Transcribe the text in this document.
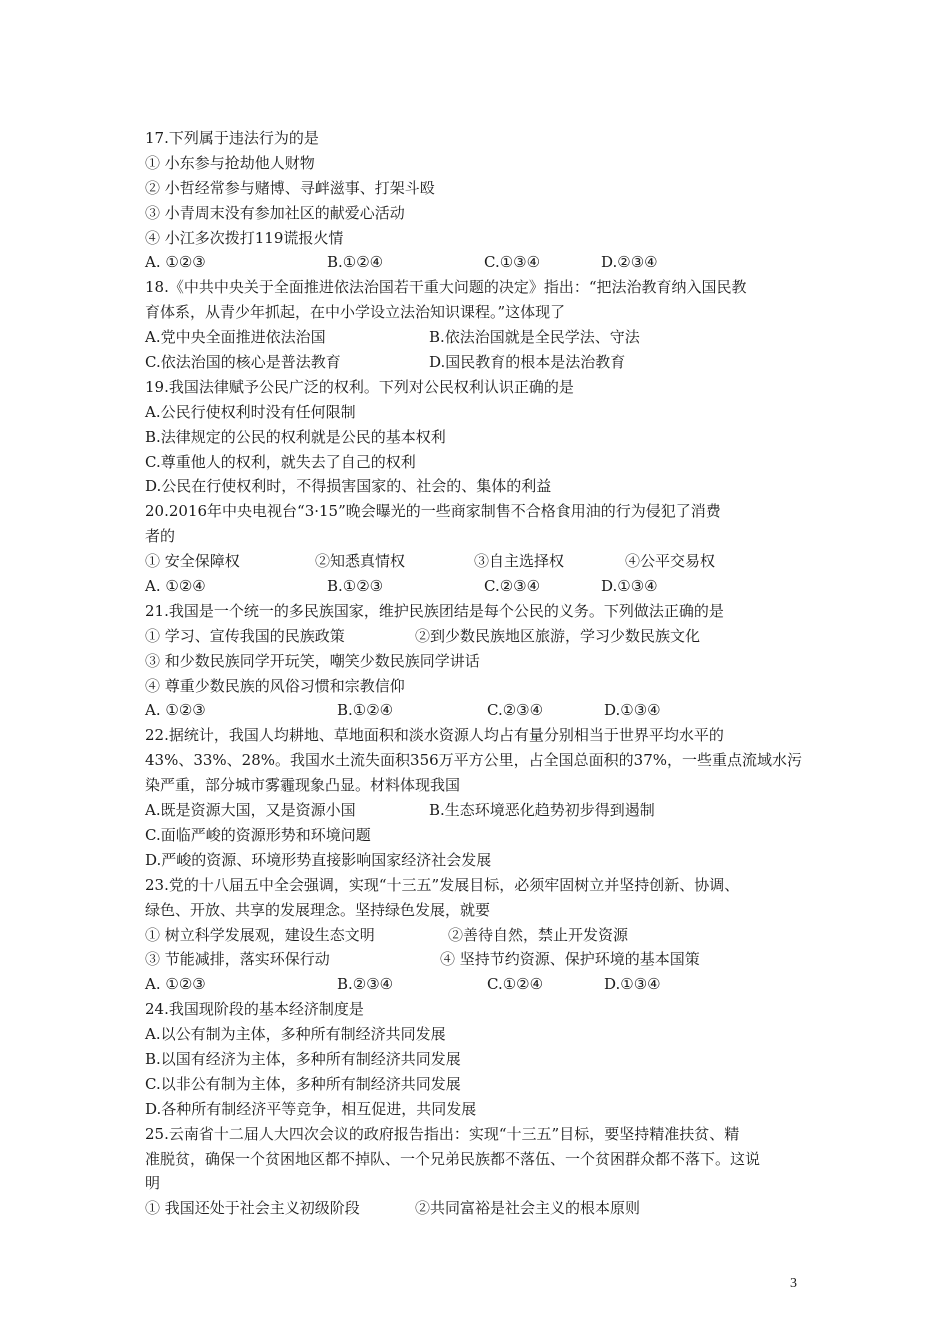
17.下列属于违法行为的是
① 小东参与抢劫他人财物
② 小哲经常参与赌博、寻衅滋事、打架斗殴
③ 小青周末没有参加社区的献爱心活动
④ 小江多次拨打119谎报火情
A. ①②③	B.①②④	C.①③④	D.②③④
18.《中共中央关于全面推进依法治国若干重大问题的决定》指出：“把法治教育纳入国民教
育体系，从青少年抓起，在中小学设立法治知识课程。”这体现了
A.党中央全面推进依法治国	B.依法治国就是全民学法、守法
C.依法治国的核心是普法教育	D.国民教育的根本是法治教育
19.我国法律赋予公民广泛的权利。下列对公民权利认识正确的是
A.公民行使权利时没有任何限制
B.法律规定的公民的权利就是公民的基本权利
C.尊重他人的权利，就失去了自己的权利
D.公民在行使权利时，不得损害国家的、社会的、集体的利益
20.2016年中央电视台“3·15”晚会曝光的一些商家制售不合格食用油的行为侵犯了消费
者的
① 安全保障权	②知悉真情权	③自主选择权	④公平交易权
A. ①②④	B.①②③	C.②③④	D.①③④
21.我国是一个统一的多民族国家，维护民族团结是每个公民的义务。下列做法正确的是
① 学习、宣传我国的民族政策	②到少数民族地区旅游，学习少数民族文化
③ 和少数民族同学开玩笑，嘲笑少数民族同学讲话
④ 尊重少数民族的风俗习惯和宗教信仰
A. ①②③	B.①②④	C.②③④	D.①③④
22.据统计，我国人均耕地、草地面积和淡水资源人均占有量分别相当于世界平均水平的
43%、33%、28%。我国水土流失面积356万平方公里，占全国总面积的37%，一些重点流域水污
染严重，部分城市雾霾现象凸显。材料体现我国
A.既是资源大国，又是资源小国	B.生态环境恶化趋势初步得到遏制
C.面临严峻的资源形势和环境问题
D.严峻的资源、环境形势直接影响国家经济社会发展
23.党的十八届五中全会强调，实现“十三五”发展目标，必须牢固树立并坚持创新、协调、
绿色、开放、共享的发展理念。坚持绿色发展，就要
① 树立科学发展观，建设生态文明	②善待自然，禁止开发资源
③ 节能减排，落实环保行动	④ 坚持节约资源、保护环境的基本国策
A. ①②③	B.②③④	C.①②④	D.①③④
24.我国现阶段的基本经济制度是
A.以公有制为主体，多种所有制经济共同发展
B.以国有经济为主体，多种所有制经济共同发展
C.以非公有制为主体，多种所有制经济共同发展
D.各种所有制经济平等竞争，相互促进，共同发展
25.云南省十二届人大四次会议的政府报告指出：实现“十三五”目标，要坚持精准扶贫、精
准脱贫，确保一个贫困地区都不掉队、一个兄弟民族都不落伍、一个贫困群众都不落下。这说
明
① 我国还处于社会主义初级阶段	②共同富裕是社会主义的根本原则
3
